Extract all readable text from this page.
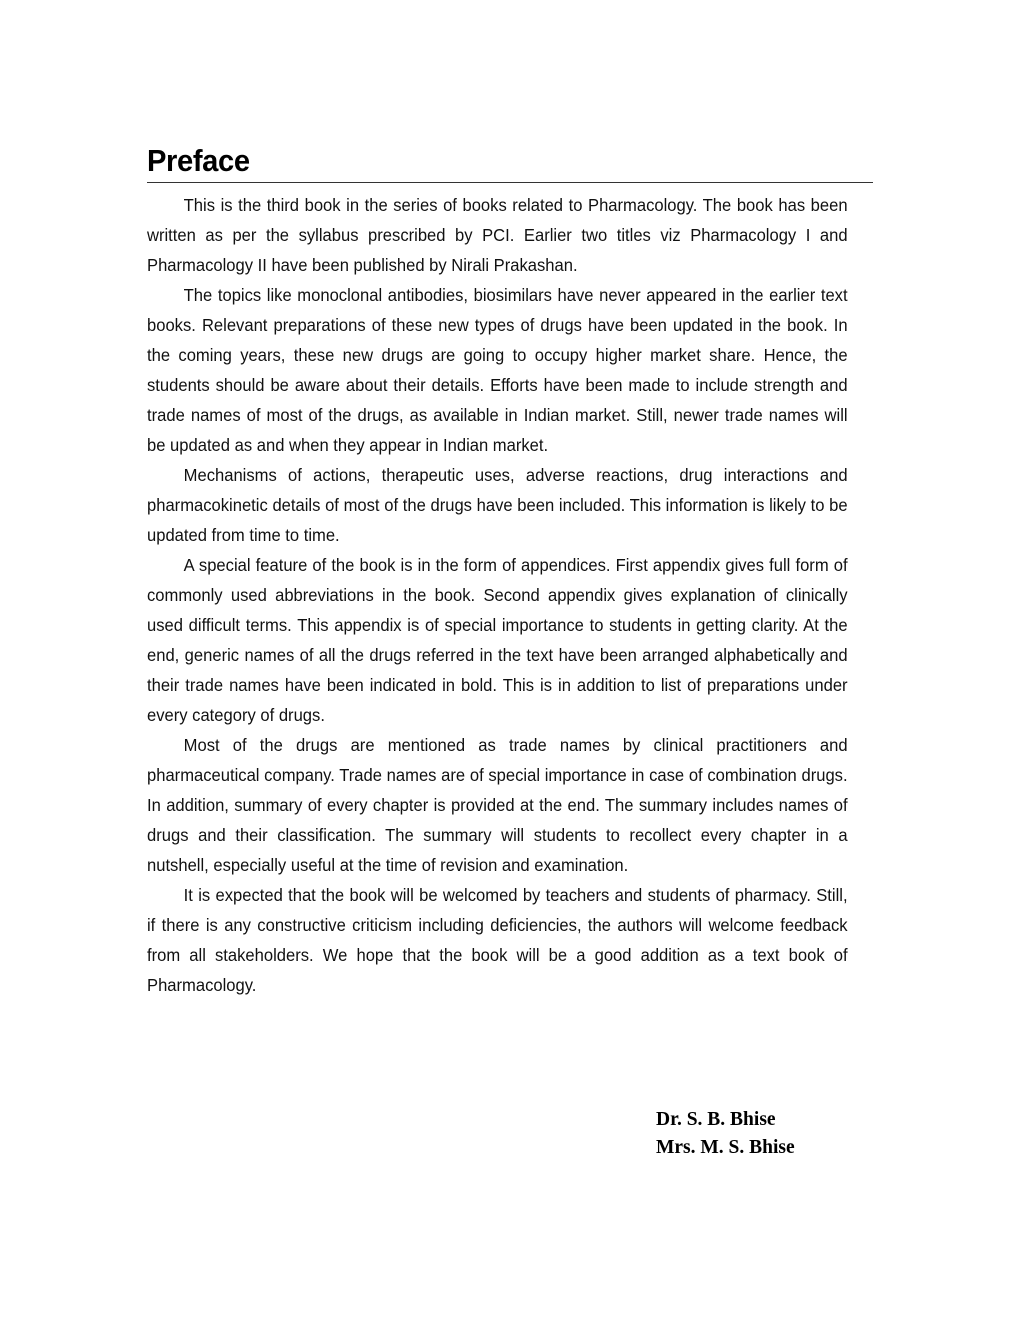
Preface

This is the third book in the series of books related to Pharmacology. The book has been written as per the syllabus prescribed by PCI. Earlier two titles viz Pharmacology I and Pharmacology II have been published by Nirali Prakashan.

The topics like monoclonal antibodies, biosimilars have never appeared in the earlier text books. Relevant preparations of these new types of drugs have been updated in the book. In the coming years, these new drugs are going to occupy higher market share. Hence, the students should be aware about their details. Efforts have been made to include strength and trade names of most of the drugs, as available in Indian market. Still, newer trade names will be updated as and when they appear in Indian market.

Mechanisms of actions, therapeutic uses, adverse reactions, drug interactions and pharmacokinetic details of most of the drugs have been included. This information is likely to be updated from time to time.

A special feature of the book is in the form of appendices. First appendix gives full form of commonly used abbreviations in the book. Second appendix gives explanation of clinically used difficult terms. This appendix is of special importance to students in getting clarity. At the end, generic names of all the drugs referred in the text have been arranged alphabetically and their trade names have been indicated in bold. This is in addition to list of preparations under every category of drugs.

Most of the drugs are mentioned as trade names by clinical practitioners and pharmaceutical company. Trade names are of special importance in case of combination drugs. In addition, summary of every chapter is provided at the end. The summary includes names of drugs and their classification. The summary will students to recollect every chapter in a nutshell, especially useful at the time of revision and examination.

It is expected that the book will be welcomed by teachers and students of pharmacy. Still, if there is any constructive criticism including deficiencies, the authors will welcome feedback from all stakeholders. We hope that the book will be a good addition as a text book of Pharmacology.

Dr. S. B. Bhise
Mrs. M. S. Bhise
